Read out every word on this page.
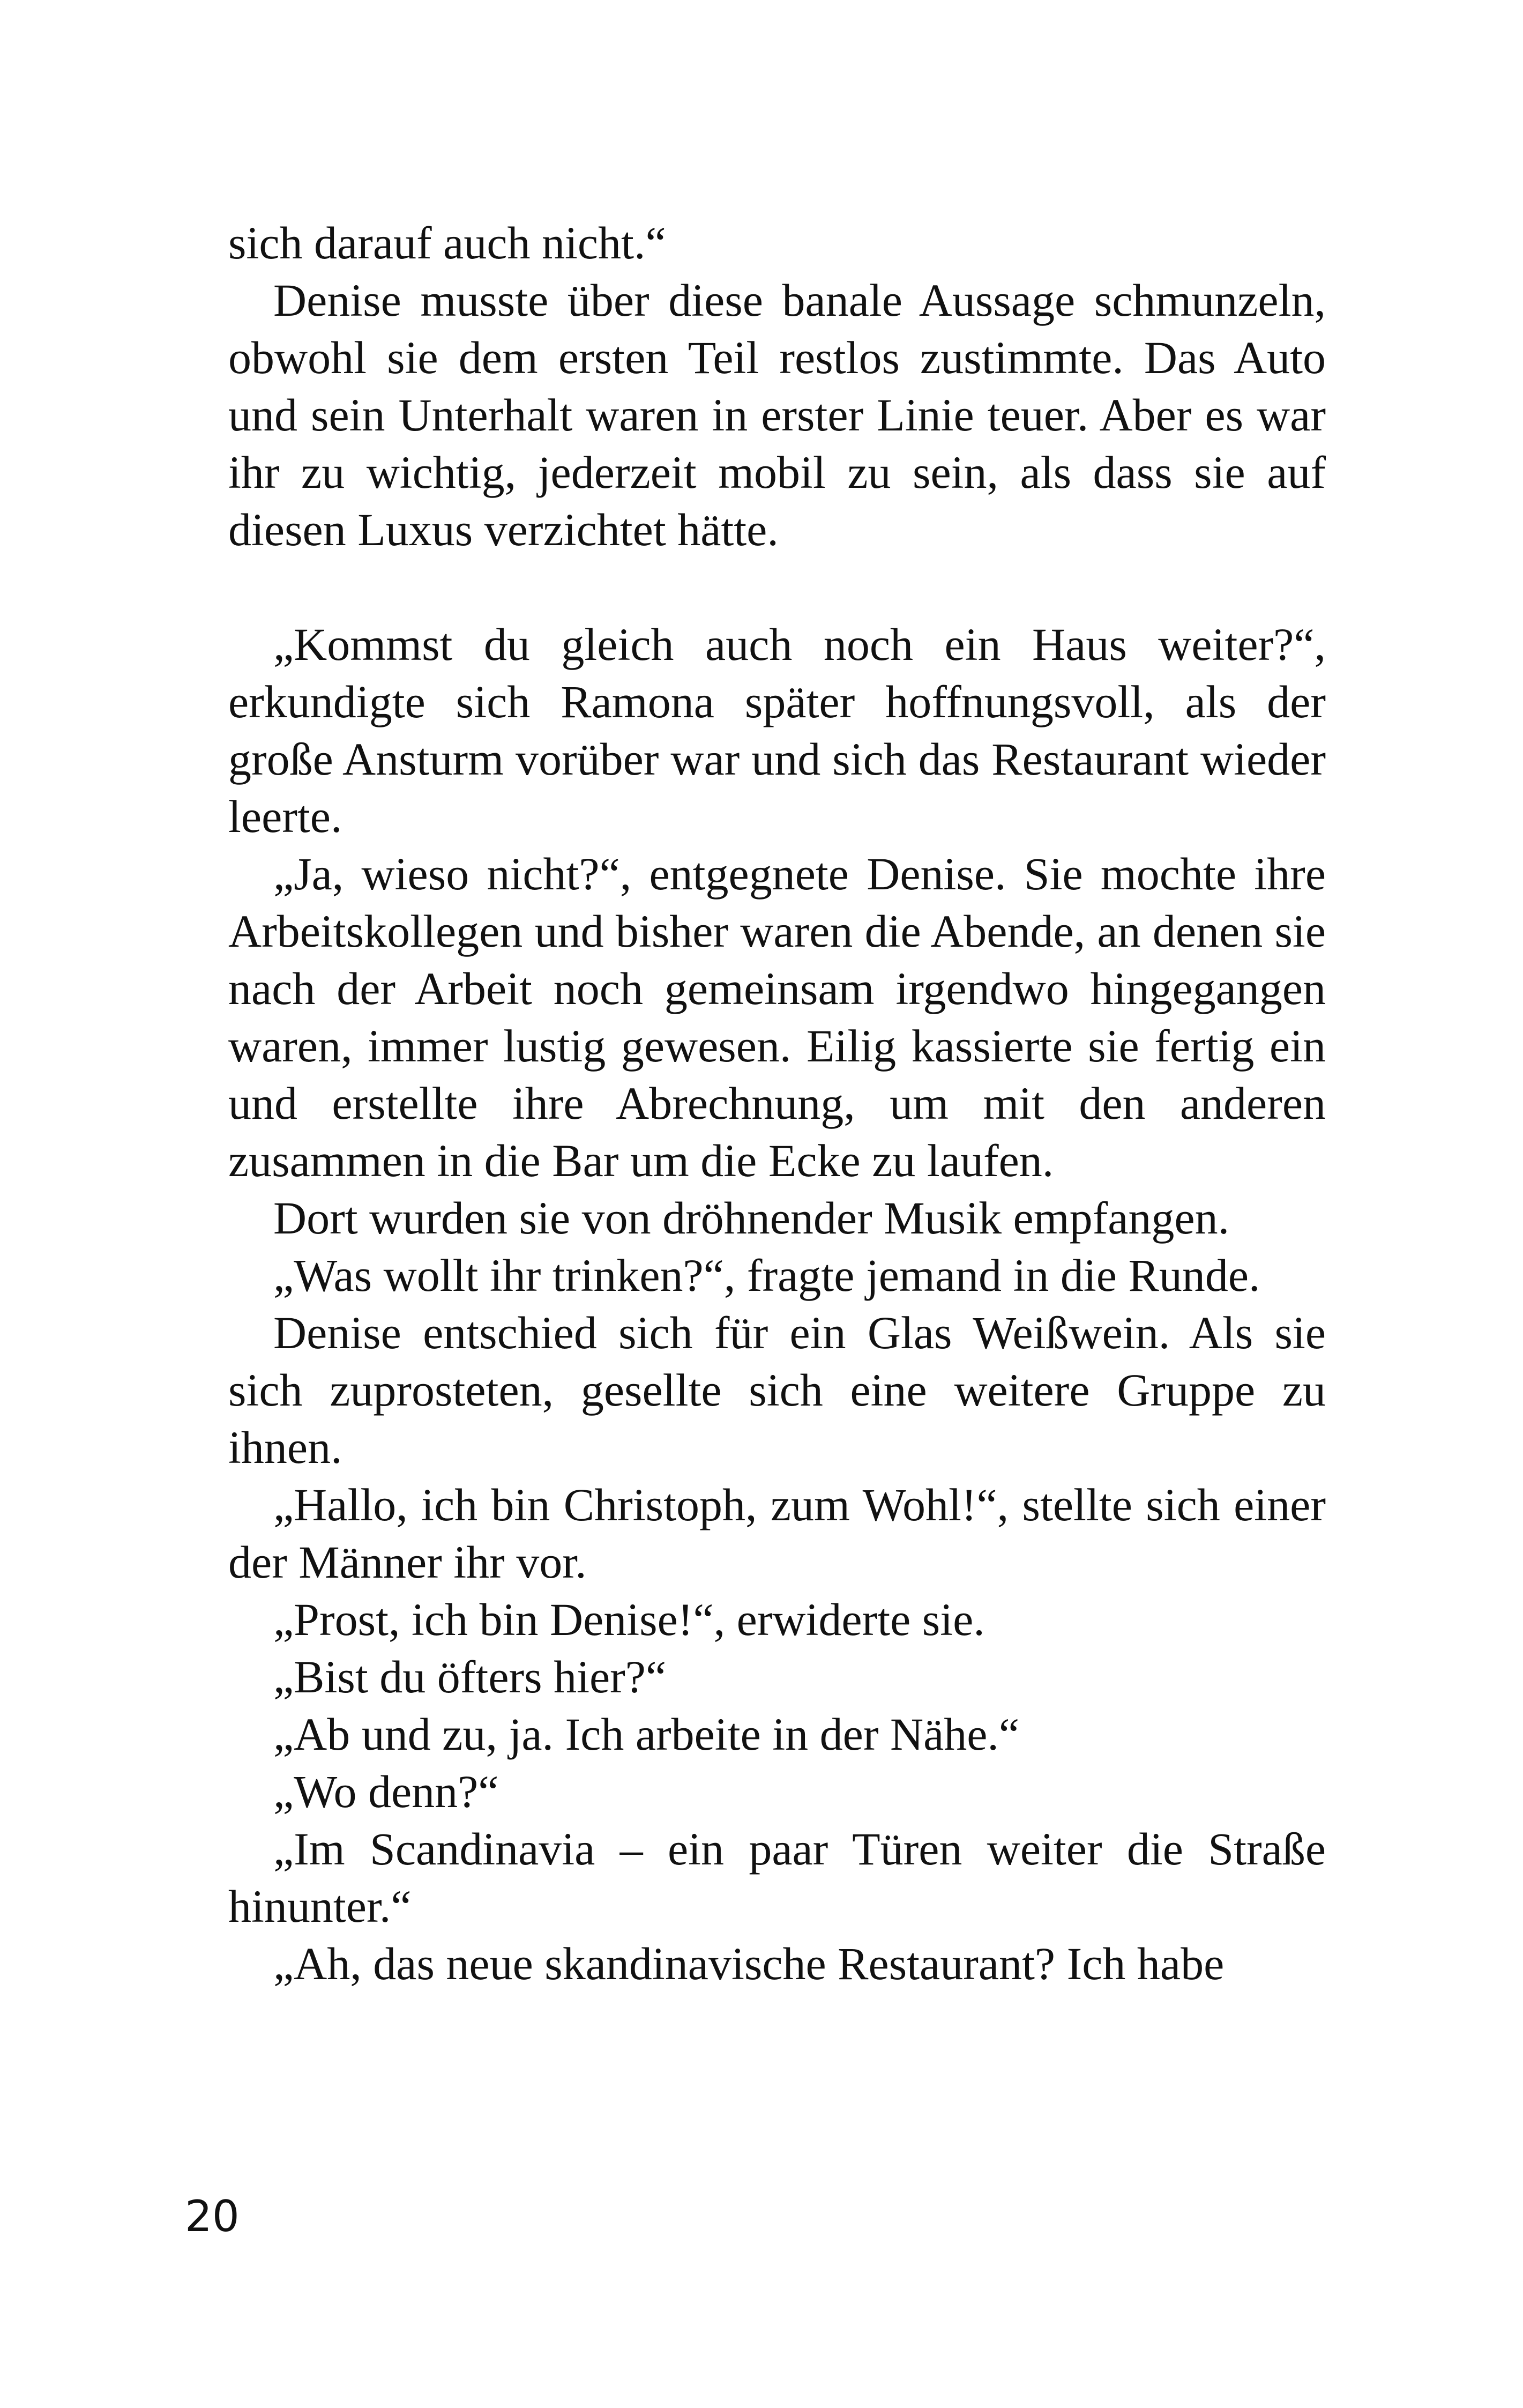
sich darauf auch nicht.“

Denise musste über diese banale Aussage schmunzeln, obwohl sie dem ersten Teil restlos zustimmte. Das Auto und sein Unterhalt waren in erster Linie teuer. Aber es war ihr zu wichtig, jederzeit mobil zu sein, als dass sie auf diesen Luxus verzichtet hätte.

„Kommst du gleich auch noch ein Haus weiter?“, erkundigte sich Ramona später hoffnungsvoll, als der große Ansturm vorüber war und sich das Restaurant wieder leerte.

„Ja, wieso nicht?“, entgegnete Denise. Sie mochte ihre Arbeitskollegen und bisher waren die Abende, an denen sie nach der Arbeit noch gemeinsam irgendwo hingegangen waren, immer lustig gewesen. Eilig kassierte sie fertig ein und erstellte ihre Abrechnung, um mit den anderen zusammen in die Bar um die Ecke zu laufen.

Dort wurden sie von dröhnender Musik empfangen.

„Was wollt ihr trinken?“, fragte jemand in die Runde.

Denise entschied sich für ein Glas Weißwein. Als sie sich zuprosteten, gesellte sich eine weitere Gruppe zu ihnen.

„Hallo, ich bin Christoph, zum Wohl!“, stellte sich einer der Männer ihr vor.

„Prost, ich bin Denise!“, erwiderte sie.

„Bist du öfters hier?“

„Ab und zu, ja. Ich arbeite in der Nähe.“

„Wo denn?“

„Im Scandinavia – ein paar Türen weiter die Straße hinunter.“

„Ah, das neue skandinavische Restaurant? Ich habe

20
